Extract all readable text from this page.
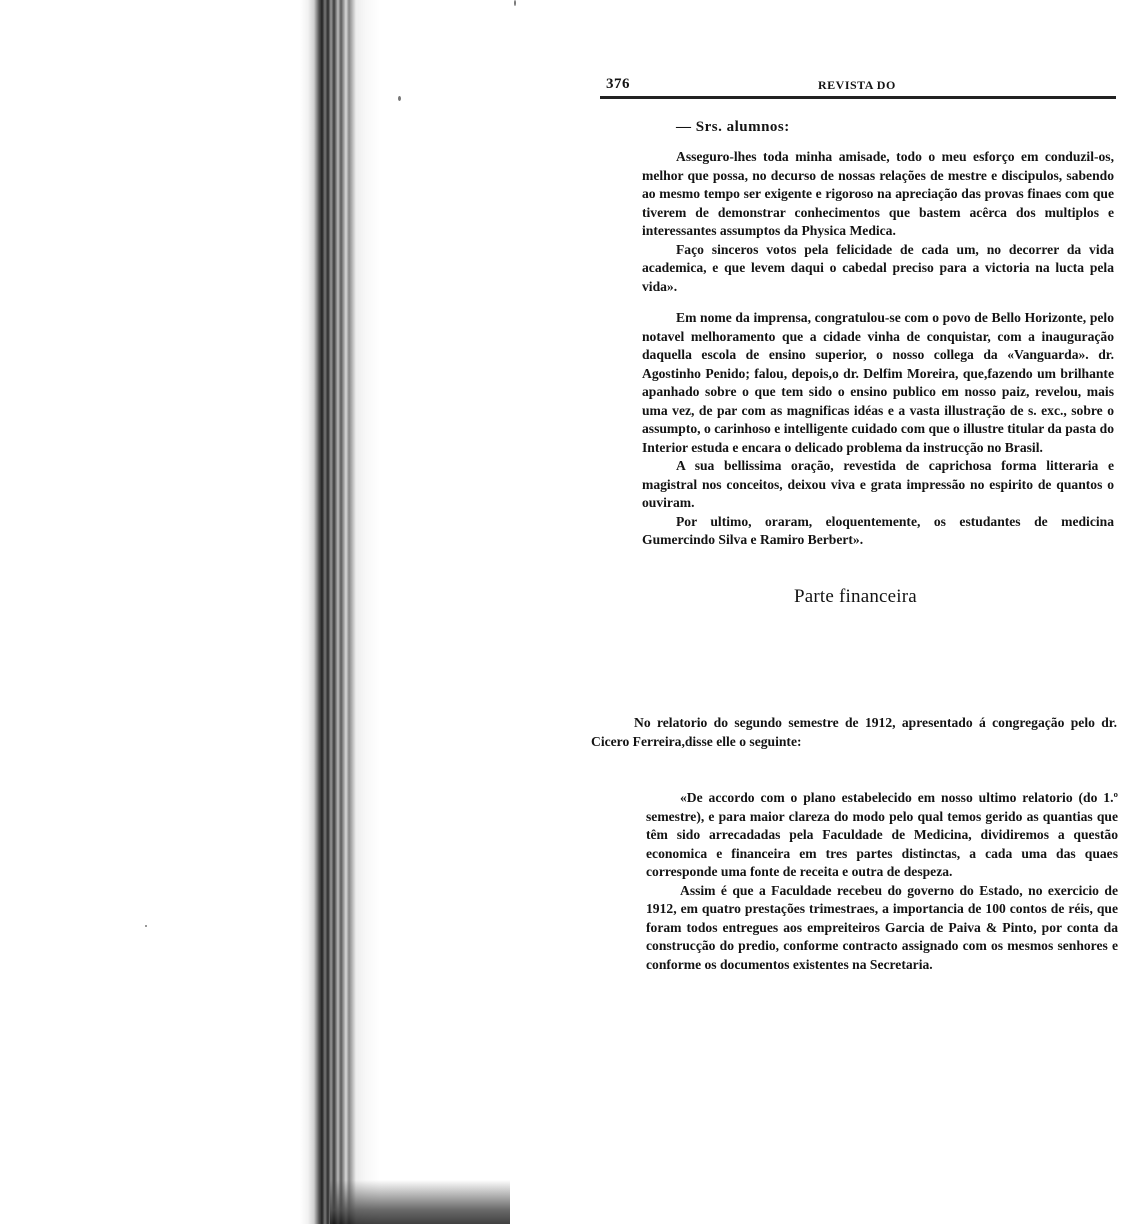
376	REVISTA DO
— Srs. alumnos:

Asseguro-lhes toda minha amisade, todo o meu esforço em conduzil-os, melhor que possa, no decurso de nossas relações de mestre e discipulos, sabendo ao mesmo tempo ser exigente e rigoroso na apreciação das provas finaes com que tiverem de demonstrar conhecimentos que bastem acêrca dos multiplos e interessantes assumptos da Physica Medica.

Faço sinceros votos pela felicidade de cada um, no decorrer da vida academica, e que levem daqui o cabedal preciso para a victoria na lucta pela vida».

Em nome da imprensa, congratulou-se com o povo de Bello Horizonte, pelo notavel melhoramento que a cidade vinha de conquistar, com a inauguração daquella escola de ensino superior, o nosso collega da «Vanguarda». dr. Agostinho Penido; falou, depois,o dr. Delfim Moreira, que,fazendo um brilhante apanhado sobre o que tem sido o ensino publico em nosso paiz, revelou, mais uma vez, de par com as magnificas idéas e a vasta illustração de s. exc., sobre o assumpto, o carinhoso e intelligente cuidado com que o illustre titular da pasta do Interior estuda e encara o delicado problema da instrucção no Brasil.

A sua bellissima oração, revestida de caprichosa forma litteraria e magistral nos conceitos, deixou viva e grata impressão no espirito de quantos o ouviram.

Por ultimo, oraram, eloquentemente, os estudantes de medicina Gumercindo Silva e Ramiro Berbert».

Parte financeira

No relatorio do segundo semestre de 1912, apresentado á congregação pelo dr. Cicero Ferreira,disse elle o seguinte:

«De accordo com o plano estabelecido em nosso ultimo relatorio (do 1.º semestre), e para maior clareza do modo pelo qual temos gerido as quantias que têm sido arrecadadas pela Faculdade de Medicina, dividiremos a questão economica e financeira em tres partes distinctas, a cada uma das quaes corresponde uma fonte de receita e outra de despeza.

Assim é que a Faculdade recebeu do governo do Estado, no exercicio de 1912, em quatro prestações trimestraes, a importancia de 100 contos de réis, que foram todos entregues aos empreiteiros Garcia de Paiva & Pinto, por conta da construcção do predio, conforme contracto assignado com os mesmos senhores e conforme os documentos existentes na Secretaria.
